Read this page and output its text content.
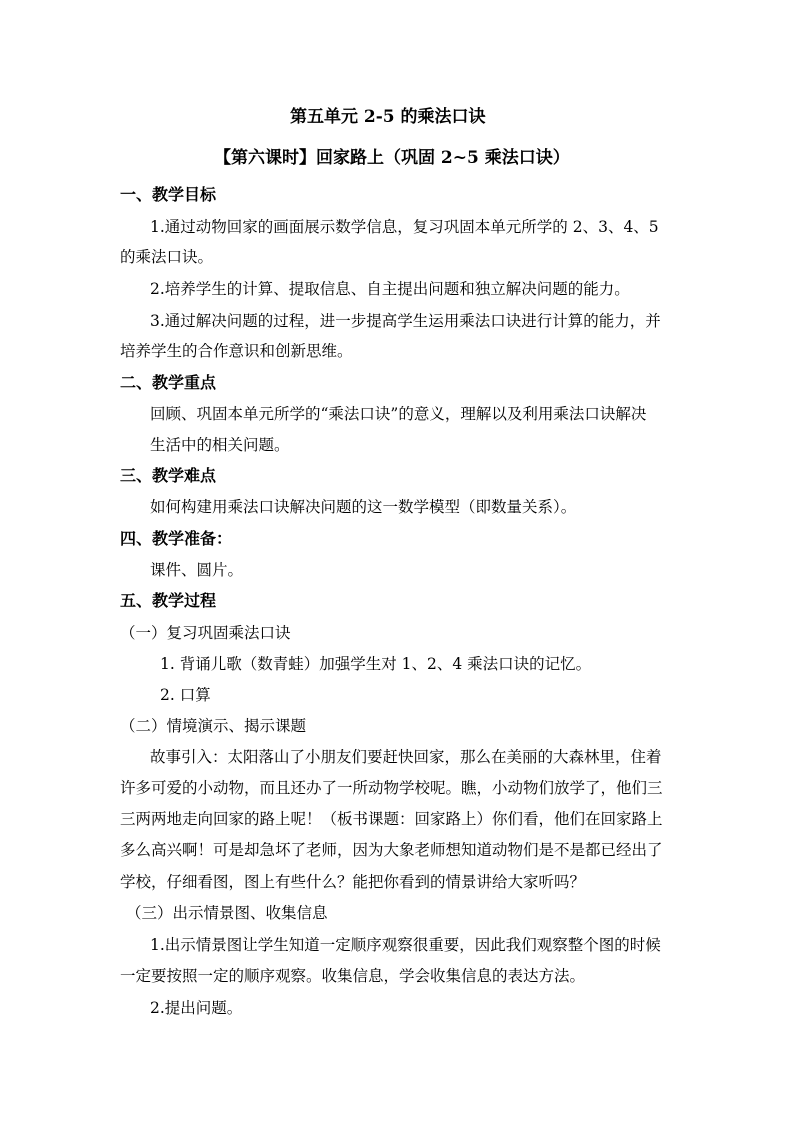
第五单元 2-5 的乘法口诀
【第六课时】回家路上（巩固 2~5 乘法口诀）
一、教学目标
1.通过动物回家的画面展示数学信息，复习巩固本单元所学的 2、3、4、5
的乘法口诀。
2.培养学生的计算、提取信息、自主提出问题和独立解决问题的能力。
3.通过解决问题的过程，进一步提高学生运用乘法口诀进行计算的能力，并
培养学生的合作意识和创新思维。
二、教学重点
回顾、巩固本单元所学的“乘法口诀”的意义，理解以及利用乘法口诀解决
生活中的相关问题。
三、教学难点
如何构建用乘法口诀解决问题的这一数学模型（即数量关系）。
四、教学准备：
课件、圆片。
五、教学过程
（一）复习巩固乘法口诀
1. 背诵儿歌（数青蛙）加强学生对 1、2、4 乘法口诀的记忆。
2. 口算
（二）情境演示、揭示课题
故事引入：太阳落山了小朋友们要赶快回家，那么在美丽的大森林里，住着
许多可爱的小动物，而且还办了一所动物学校呢。瞧，小动物们放学了，他们三
三两两地走向回家的路上呢！（板书课题：回家路上）你们看，他们在回家路上
多么高兴啊！可是却急坏了老师，因为大象老师想知道动物们是不是都已经出了
学校，仔细看图，图上有些什么？能把你看到的情景讲给大家听吗？
（三）出示情景图、收集信息
1.出示情景图让学生知道一定顺序观察很重要，因此我们观察整个图的时候
一定要按照一定的顺序观察。收集信息，学会收集信息的表达方法。
2.提出问题。
